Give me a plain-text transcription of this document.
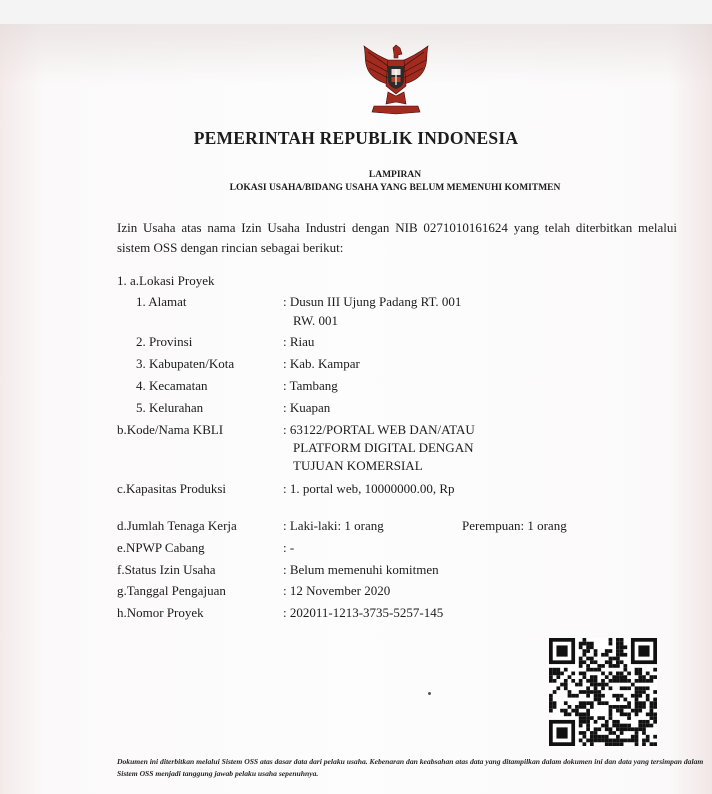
PEMERINTAH REPUBLIK INDONESIA
LAMPIRAN
LOKASI USAHA/BIDANG USAHA YANG BELUM MEMENUHI KOMITMEN
Izin Usaha atas nama Izin Usaha Industri dengan NIB 0271010161624 yang telah diterbitkan melalui sistem OSS dengan rincian sebagai berikut:
1. a.Lokasi Proyek
1. Alamat	: Dusun III Ujung Padang RT. 001
RW. 001
2. Provinsi	: Riau
3. Kabupaten/Kota	: Kab. Kampar
4. Kecamatan	: Tambang
5. Kelurahan	: Kuapan
b.Kode/Nama KBLI	: 63122/PORTAL WEB DAN/ATAU
PLATFORM DIGITAL DENGAN
TUJUAN KOMERSIAL
c.Kapasitas Produksi	: 1. portal web, 10000000.00, Rp
d.Jumlah Tenaga Kerja	: Laki-laki: 1 orang	Perempuan: 1 orang
e.NPWP Cabang	: -
f.Status Izin Usaha	: Belum memenuhi komitmen
g.Tanggal Pengajuan	: 12 November 2020
h.Nomor Proyek	: 202011-1213-3735-5257-145
Dokumen ini diterbitkan melalui Sistem OSS atas dasar data dari pelaku usaha. Kebenaran dan keabsahan atas data yang ditampilkan dalam dokumen ini dan data yang tersimpan dalam Sistem OSS menjadi tanggung jawab pelaku usaha sepenuhnya.
